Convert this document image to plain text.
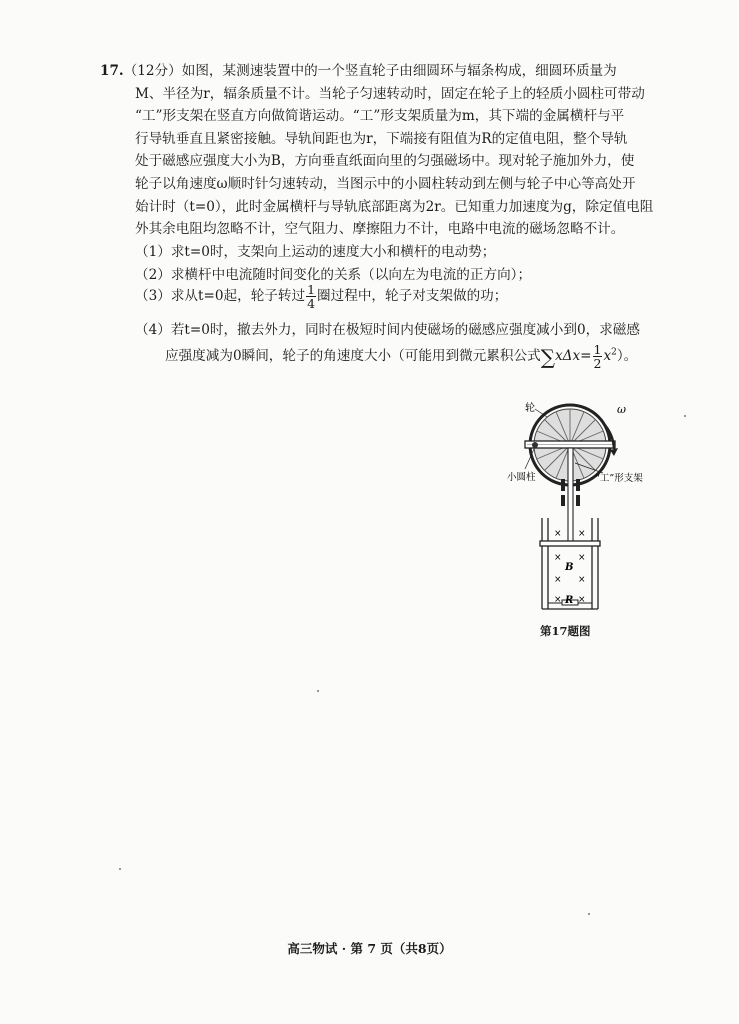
17.（12分）如图，某测速装置中的一个竖直轮子由细圆环与辐条构成，细圆环质量为
M、半径为r，辐条质量不计。当轮子匀速转动时，固定在轮子上的轻质小圆柱可带动
“工”形支架在竖直方向做简谐运动。“工”形支架质量为m，其下端的金属横杆与平
行导轨垂直且紧密接触。导轨间距也为r，下端接有阻值为R的定值电阻，整个导轨
处于磁感应强度大小为B，方向垂直纸面向里的匀强磁场中。现对轮子施加外力，使
轮子以角速度ω顺时针匀速转动，当图示中的小圆柱转动到左侧与轮子中心等高处开
始计时（t=0），此时金属横杆与导轨底部距离为2r。已知重力加速度为g，除定值电阻
外其余电阻均忽略不计，空气阻力、摩擦阻力不计，电路中电流的磁场忽略不计。
（1）求t=0时，支架向上运动的速度大小和横杆的电动势；
（2）求横杆中电流随时间变化的关系（以向左为电流的正方向）；
（3）求从t=0起，轮子转过 $\frac{1}{4}$ 圈过程中，轮子对支架做的功；
（4）若t=0时，撤去外力，同时在极短时间内使磁场的磁感应强度减小到0，求磁感
应强度减为0瞬间，轮子的角速度大小（可能用到微元累积公式$\sum x\Delta x= \frac{1}{2} x^2$）。
轮	ω
小圆柱	“工”形支架
× ×
× ×
× ×
× ×
B
R
第17题图
高三物试 · 第 7 页（共8页）
